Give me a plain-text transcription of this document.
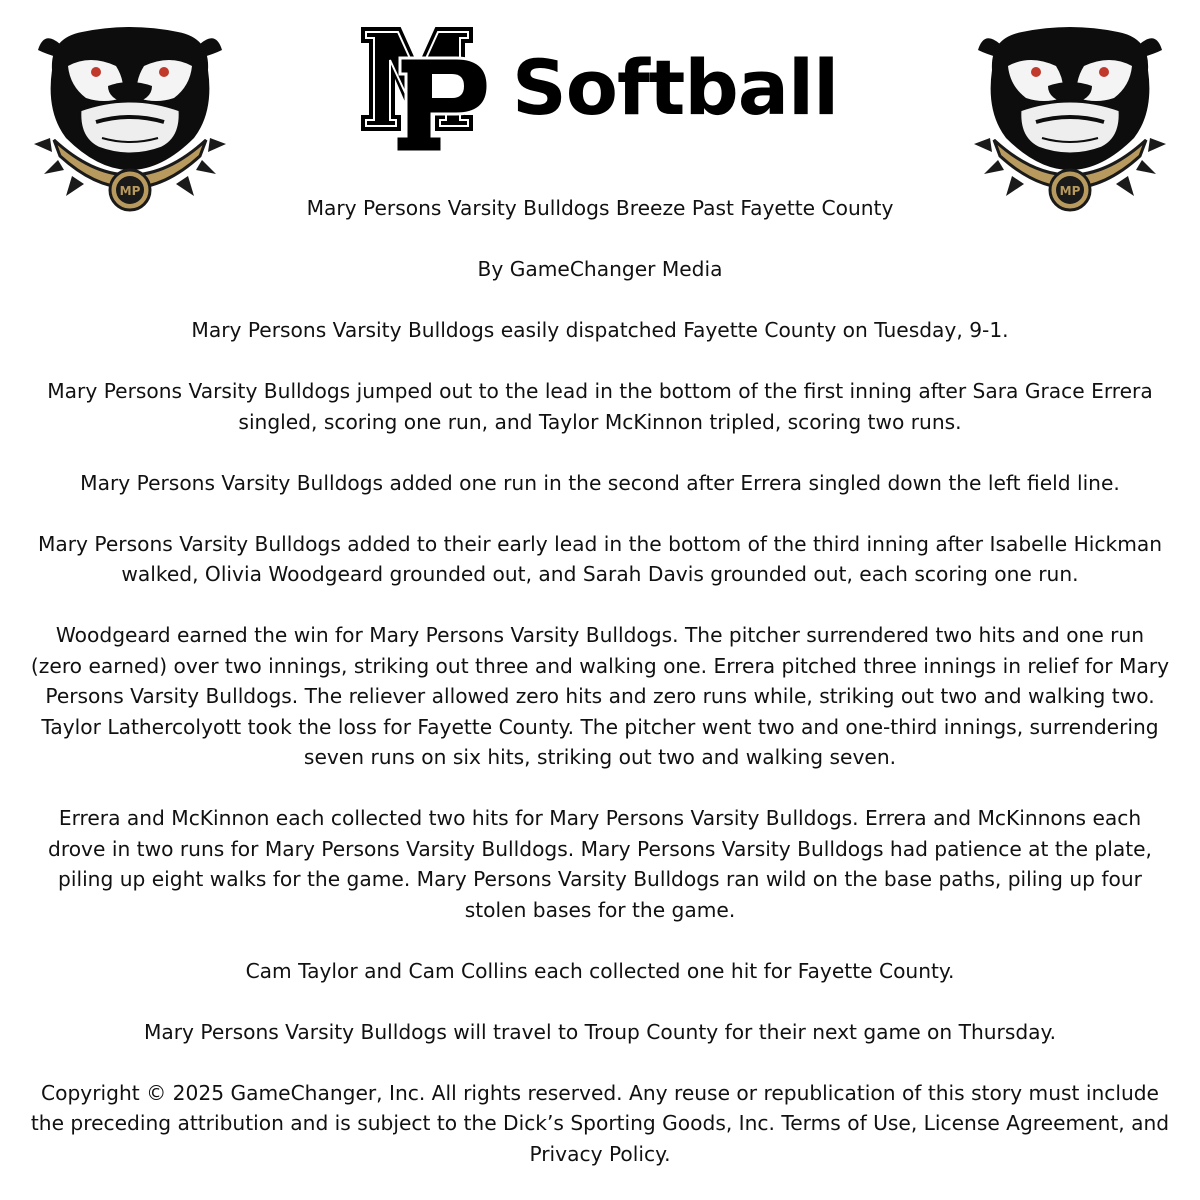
MP	MP
Softball

Mary Persons Varsity Bulldogs Breeze Past Fayette County

By GameChanger Media

Mary Persons Varsity Bulldogs easily dispatched Fayette County on Tuesday, 9-1.

Mary Persons Varsity Bulldogs jumped out to the lead in the bottom of the first inning after Sara Grace Errera singled, scoring one run, and Taylor McKinnon tripled, scoring two runs.

Mary Persons Varsity Bulldogs added one run in the second after Errera singled down the left field line.

Mary Persons Varsity Bulldogs added to their early lead in the bottom of the third inning after Isabelle Hickman walked, Olivia Woodgeard grounded out, and Sarah Davis grounded out, each scoring one run.

Woodgeard earned the win for Mary Persons Varsity Bulldogs. The pitcher surrendered two hits and one run (zero earned) over two innings, striking out three and walking one. Errera pitched three innings in relief for Mary Persons Varsity Bulldogs. The reliever allowed zero hits and zero runs while, striking out two and walking two. Taylor Lathercolyott took the loss for Fayette County. The pitcher went two and one-third innings, surrendering seven runs on six hits, striking out two and walking seven.

Errera and McKinnon each collected two hits for Mary Persons Varsity Bulldogs. Errera and McKinnons each drove in two runs for Mary Persons Varsity Bulldogs. Mary Persons Varsity Bulldogs had patience at the plate, piling up eight walks for the game. Mary Persons Varsity Bulldogs ran wild on the base paths, piling up four stolen bases for the game.

Cam Taylor and Cam Collins each collected one hit for Fayette County.

Mary Persons Varsity Bulldogs will travel to Troup County for their next game on Thursday.

Copyright © 2025 GameChanger, Inc. All rights reserved. Any reuse or republication of this story must include the preceding attribution and is subject to the Dick’s Sporting Goods, Inc. Terms of Use, License Agreement, and Privacy Policy.
